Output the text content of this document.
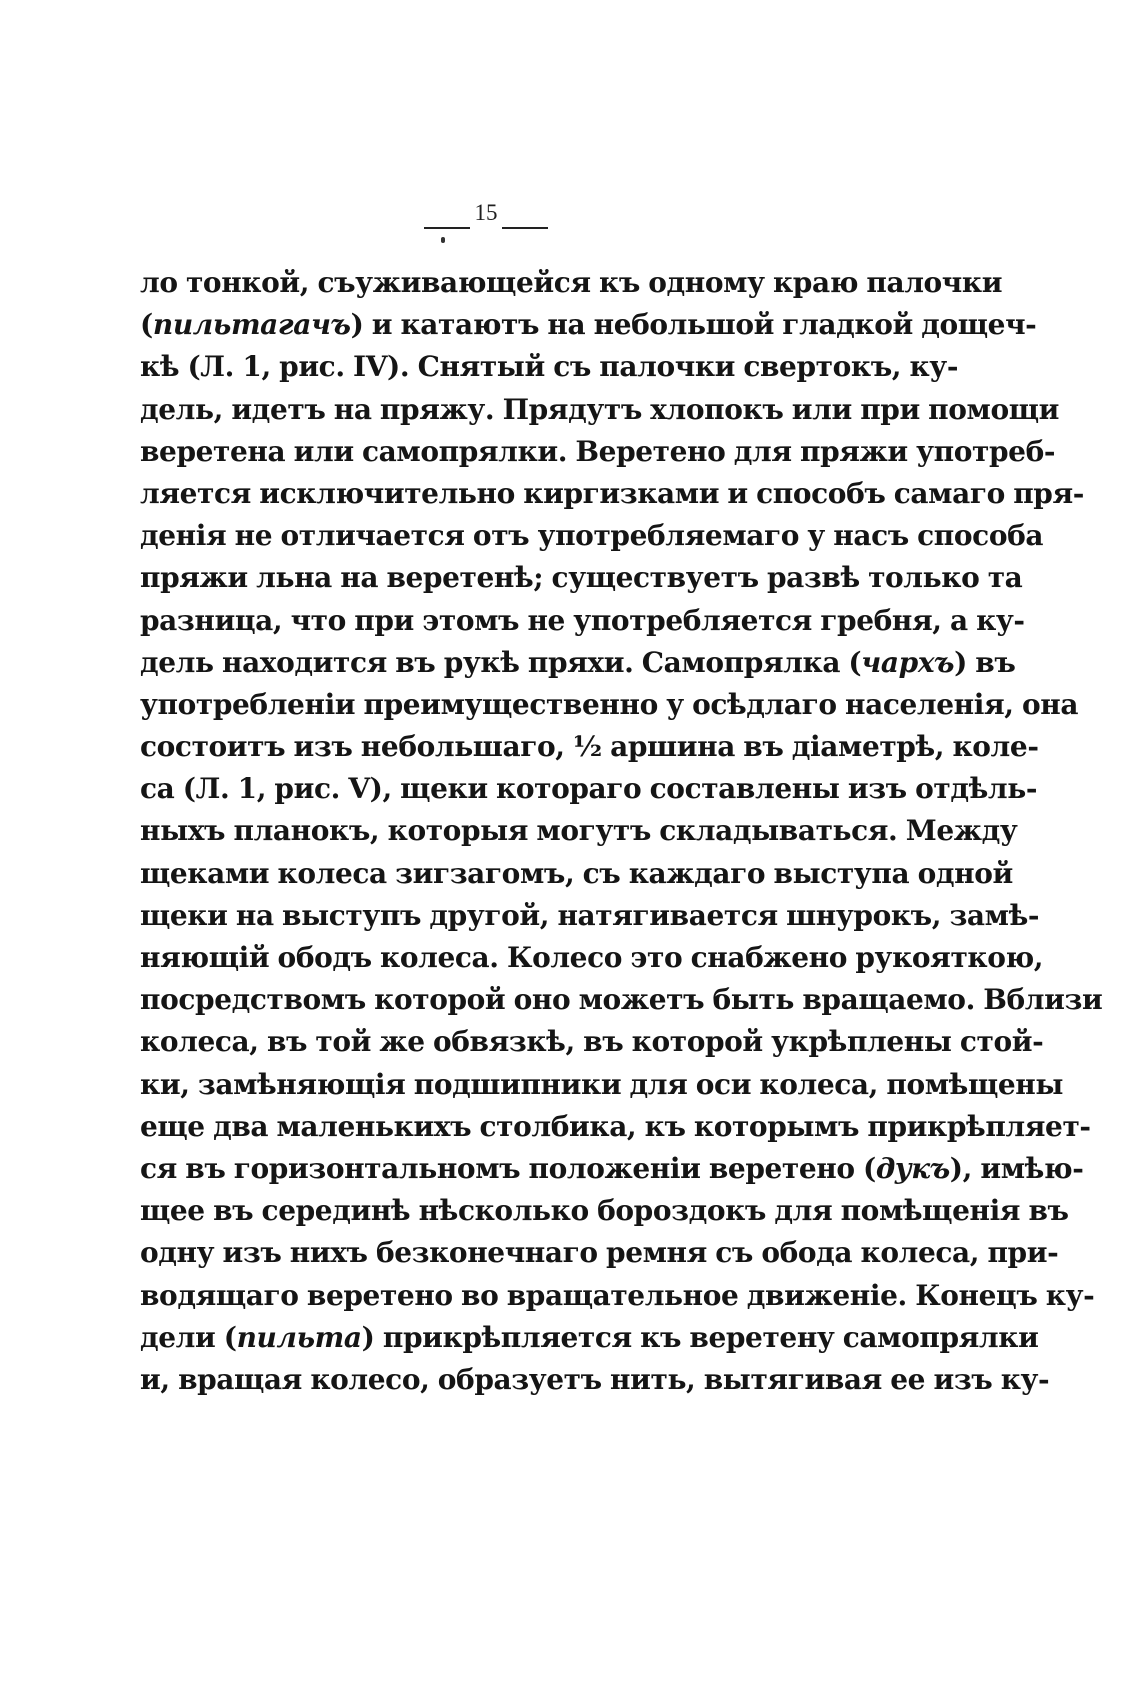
15
ло тонкой, съуживающейся къ одному краю палочки
(пильтагачъ) и катаютъ на небольшой гладкой дощеч-
кѣ (Л. 1, рис. IV). Снятый съ палочки свертокъ, ку-
дель, идетъ на пряжу. Прядутъ хлопокъ или при помощи
веретена или самопрялки. Веретено для пряжи употреб-
ляется исключительно киргизками и способъ самаго пря-
денія не отличается отъ употребляемаго у насъ способа
пряжи льна на веретенѣ; существуетъ развѣ только та
разница, что при этомъ не употребляется гребня, а ку-
дель находится въ рукѣ пряхи. Самопрялка (чархъ) въ
употребленіи преимущественно у осѣдлаго населенія, она
состоитъ изъ небольшаго, ½ аршина въ діаметрѣ, коле-
са (Л. 1, рис. V), щеки котораго составлены изъ отдѣль-
ныхъ планокъ, которыя могутъ складываться. Между
щеками колеса зигзагомъ, съ каждаго выступа одной
щеки на выступъ другой, натягивается шнурокъ, замѣ-
няющій ободъ колеса. Колесо это снабжено рукояткою,
посредствомъ которой оно можетъ быть вращаемо. Вблизи
колеса, въ той же обвязкѣ, въ которой укрѣплены стой-
ки, замѣняющія подшипники для оси колеса, помѣщены
еще два маленькихъ столбика, къ которымъ прикрѣпляет-
ся въ горизонтальномъ положеніи веретено (дукъ), имѣю-
щее въ серединѣ нѣсколько бороздокъ для помѣщенія въ
одну изъ нихъ безконечнаго ремня съ обода колеса, при-
водящаго веретено во вращательное движеніе. Конецъ ку-
дели (пильта) прикрѣпляется къ веретену самопрялки
и, вращая колесо, образуетъ нить, вытягивая ее изъ ку-
